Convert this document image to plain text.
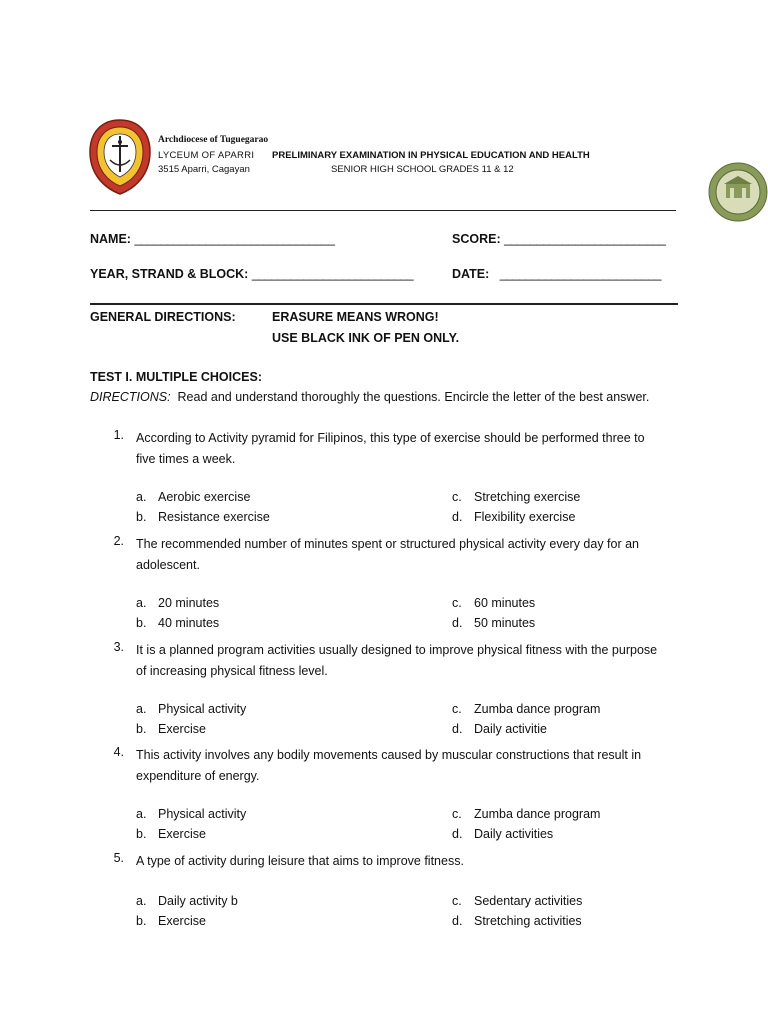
Archdiocese of Tuguegarao
LYCEUM OF APARRI PRELIMINARY EXAMINATION IN PHYSICAL EDUCATION AND HEALTH
3515 Aparri, Cagayan	SENIOR HIGH SCHOOL GRADES 11 & 12
NAME: _______________________________	SCORE: _________________________
YEAR, STRAND & BLOCK: _________________________	DATE: _________________________
GENERAL DIRECTIONS:	ERASURE MEANS WRONG!
USE BLACK INK OF PEN ONLY.
TEST I. MULTIPLE CHOICES:
DIRECTIONS: Read and understand thoroughly the questions. Encircle the letter of the best answer.
1. According to Activity pyramid for Filipinos, this type of exercise should be performed three to five times a week.
a. Aerobic exercise
b. Resistance exercise
c. Stretching exercise
d. Flexibility exercise
2. The recommended number of minutes spent or structured physical activity every day for an adolescent.
a. 20 minutes
b. 40 minutes
c. 60 minutes
d. 50 minutes
3. It is a planned program activities usually designed to improve physical fitness with the purpose of increasing physical fitness level.
a. Physical activity
b. Exercise
c. Zumba dance program
d. Daily activitie
4. This activity involves any bodily movements caused by muscular constructions that result in expenditure of energy.
a. Physical activity
b. Exercise
c. Zumba dance program
d. Daily activities
5. A type of activity during leisure that aims to improve fitness.
a. Daily activity b
b. Exercise
c. Sedentary activities
d. Stretching activities
